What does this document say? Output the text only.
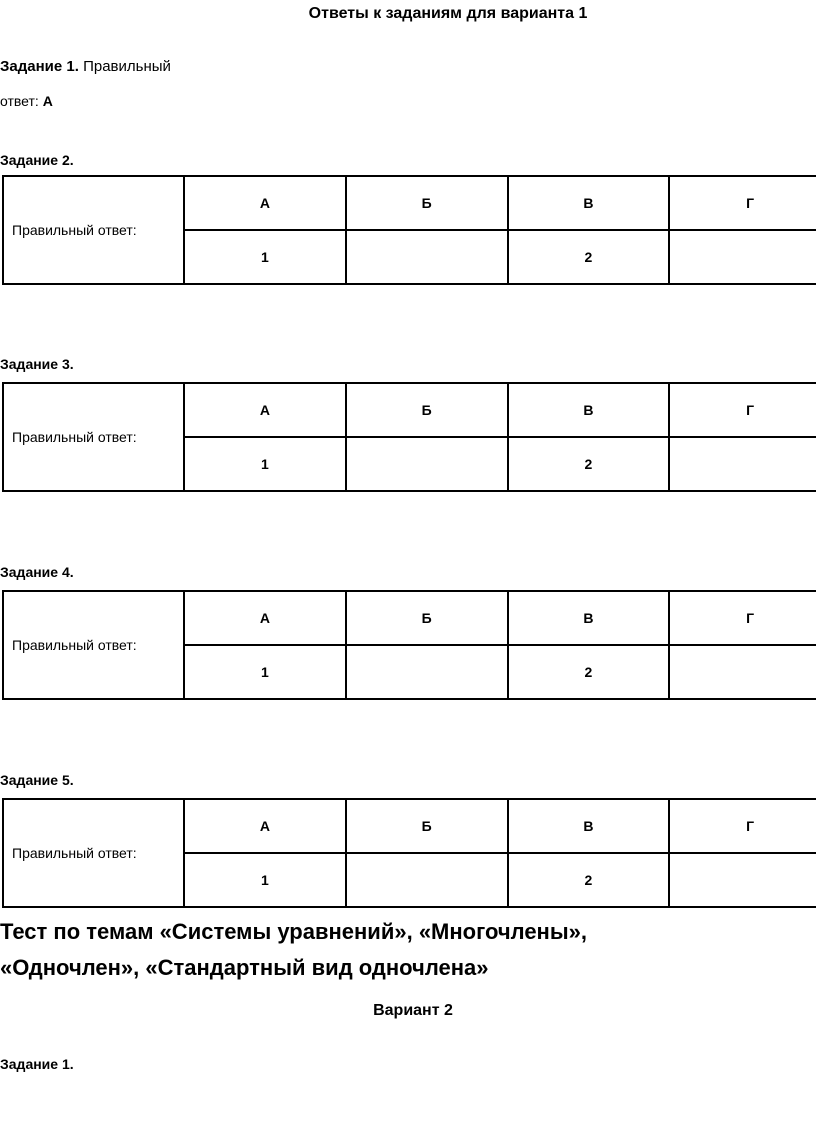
Ответы к заданиям для варианта 1
Задание 1. Правильный
ответ: А
Задание 2.
Правильный ответ:	А	Б	В	Г
	1		2	
Задание 3.
Правильный ответ:	А	Б	В	Г
	1		2	
Задание 4.
Правильный ответ:	А	Б	В	Г
	1		2	
Задание 5.
Правильный ответ:	А	Б	В	Г
	1		2	
Тест по темам «Системы уравнений», «Многочлены»,
«Одночлен», «Стандартный вид одночлена»
Вариант 2
Задание 1.
